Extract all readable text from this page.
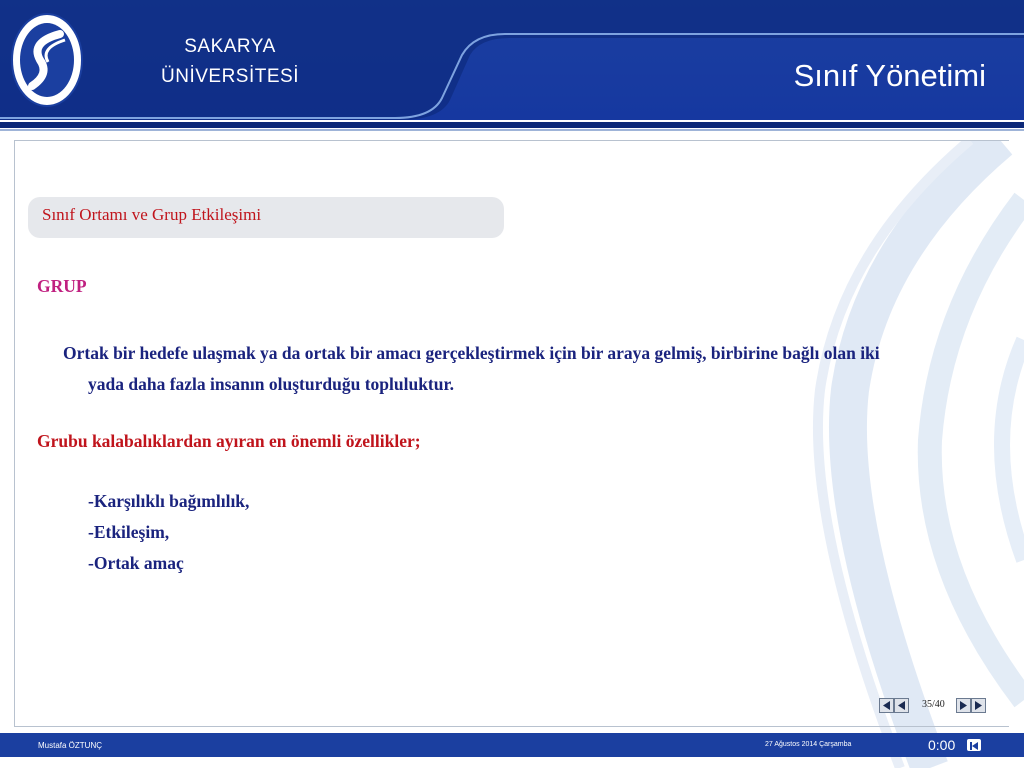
SAKARYA
ÜNİVERSİTESİ	Sınıf Yönetimi
Sınıf Ortamı ve Grup Etkileşimi
GRUP
Ortak bir hedefe ulaşmak ya da ortak bir amacı gerçekleştirmek için bir araya gelmiş, birbirine bağlı olan iki
yada daha fazla insanın oluşturduğu topluluktur.
Grubu kalabalıklardan ayıran en önemli özellikler;
-Karşılıklı bağımlılık,
-Etkileşim,
-Ortak amaç
35/40
Mustafa ÖZTUNÇ	27 Ağustos 2014 Çarşamba	0:00
